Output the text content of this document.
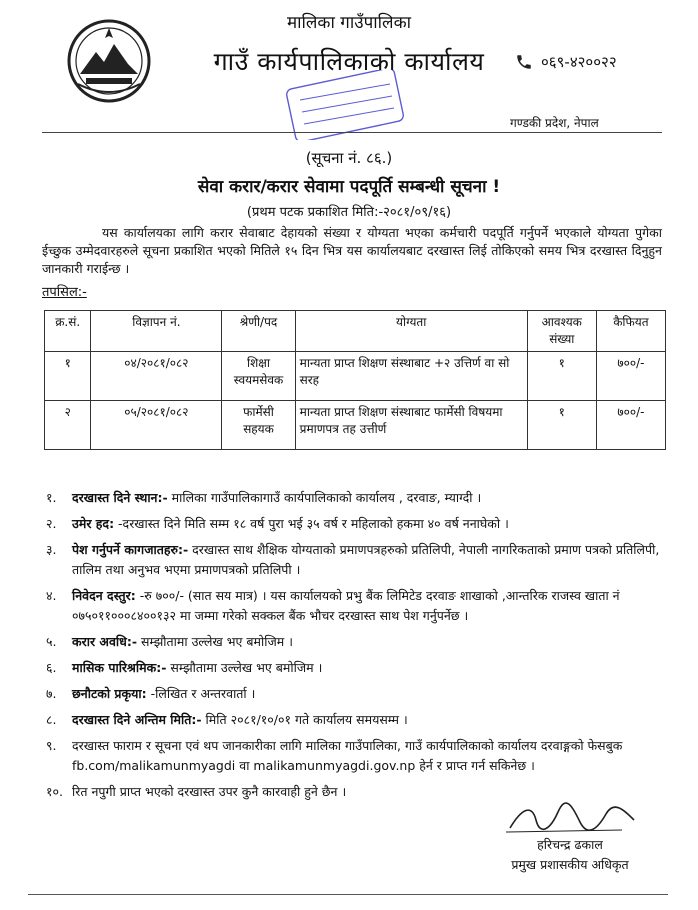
मालिका गाउँपालिका
गाउँ कार्यपालिकाको कार्यालय	०६९-४२००२२
गण्डकी प्रदेश, नेपाल
(सूचना नं. ८६.)
सेवा करार/करार सेवामा पदपूर्ति सम्बन्धी सूचना !
(प्रथम पटक प्रकाशित मिति:-२०८१/०९/१६)
यस कार्यालयका लागि करार सेवाबाट देहायको संख्या र योग्यता भएका कर्मचारी पदपूर्ति गर्नुपर्ने भएकाले योग्यता पुगेका ईच्छुक उम्मेदवारहरुले सूचना प्रकाशित भएको मितिले १५ दिन भित्र यस कार्यालयबाट दरखास्त लिई तोकिएको समय भित्र दरखास्त दिनुहुन जानकारी गराईन्छ ।
तपसिल:-
क्र.सं.	विज्ञापन नं.	श्रेणी/पद	योग्यता	आवश्यक संख्या	कैफियत
१	०४/२०८१/०८२	शिक्षा स्वयमसेवक	मान्यता प्राप्त शिक्षण संस्थाबाट +२ उत्तिर्ण वा सो सरह	१	७००/-
२	०५/२०८१/०८२	फार्मेसी सहयक	मान्यता प्राप्त शिक्षण संस्थाबाट फार्मेसी विषयमा प्रमाणपत्र तह उत्तीर्ण	१	७००/-
१.	दरखास्त दिने स्थान:- मालिका गाउँपालिकागाउँ कार्यपालिकाको कार्यालय , दरवाङ, म्याग्दी ।
२.	उमेर हद: -दरखास्त दिने मिति सम्म १८ वर्ष पुरा भई ३५ वर्ष र महिलाको हकमा ४० वर्ष ननाघेको ।
३.	पेश गर्नुपर्ने कागजातहरु:- दरखास्त साथ शैक्षिक योग्यताको प्रमाणपत्रहरुको प्रतिलिपी, नेपाली नागरिकताको प्रमाण पत्रको प्रतिलिपी, तालिम तथा अनुभव भएमा प्रमाणपत्रको प्रतिलिपी ।
४.	निवेदन दस्तुर: -रु ७००/- (सात सय मात्र) । यस कार्यालयको प्रभु बैंक लिमिटेड दरवाङ शाखाको ,आन्तरिक राजस्व खाता नं ०७५०११०००८४००१३२ मा जम्मा गरेको सक्कल बैंक भौचर दरखास्त साथ पेश गर्नुपर्नेछ ।
५.	करार अवधि:- सम्झौतामा उल्लेख भए बमोजिम ।
६.	मासिक पारिश्रमिक:- सम्झौतामा उल्लेख भए बमोजिम ।
७.	छनौटको प्रकृया: -लिखित र अन्तरवार्ता ।
८.	दरखास्त दिने अन्तिम मिति:- मिति २०८१/१०/०१ गते कार्यालय समयसम्म ।
९.	दरखास्त फाराम र सूचना एवं थप जानकारीका लागि मालिका गाउँपालिका, गाउँ कार्यपालिकाको कार्यालय दरवाङ्गको फेसबुक fb.com/malikamunmyagdi वा malikamunmyagdi.gov.np हेर्न र प्राप्त गर्न सकिनेछ ।
१०. रित नपुगी प्राप्त भएको दरखास्त उपर कुनै कारवाही हुने छैन ।
हरिचन्द्र ढकाल
प्रमुख प्रशासकीय अधिकृत
